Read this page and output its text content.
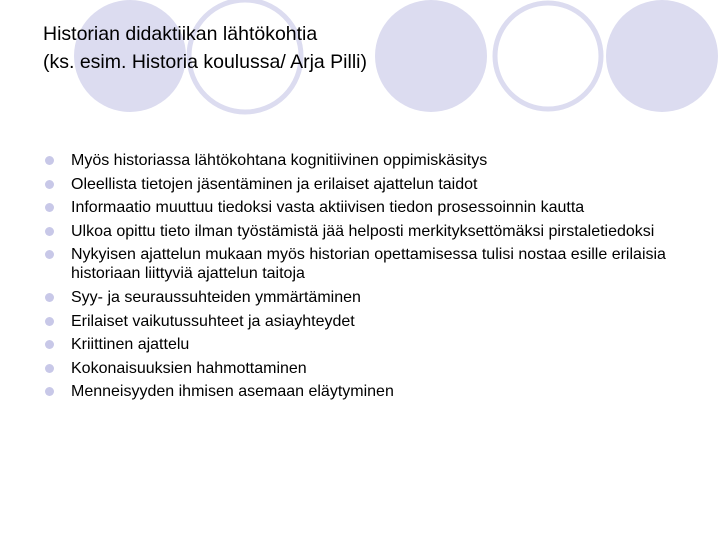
Historian didaktiikan lähtökohtia
(ks. esim. Historia koulussa/ Arja Pilli)
Myös historiassa lähtökohtana kognitiivinen oppimiskäsitys
Oleellista tietojen jäsentäminen ja erilaiset ajattelun taidot
Informaatio muuttuu tiedoksi vasta aktiivisen tiedon prosessoinnin kautta
Ulkoa opittu tieto ilman työstämistä jää helposti merkityksettömäksi pirstaletiedoksi
Nykyisen ajattelun mukaan myös historian opettamisessa tulisi nostaa esille erilaisia historiaan liittyviä ajattelun taitoja
Syy- ja seuraussuhteiden ymmärtäminen
Erilaiset vaikutussuhteet ja asiayhteydet
Kriittinen ajattelu
Kokonaisuuksien hahmottaminen
Menneisyyden ihmisen asemaan eläytyminen
